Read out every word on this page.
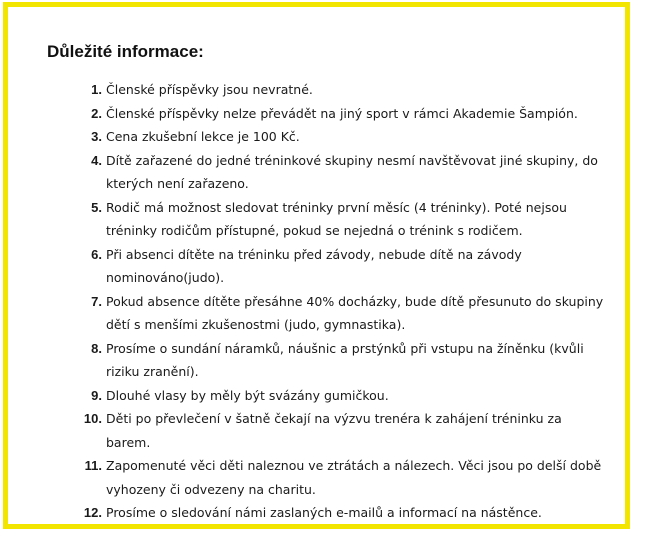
Důležité informace:
1. Členské příspěvky jsou nevratné.
2. Členské příspěvky nelze převádět na jiný sport v rámci Akademie Šampión.
3. Cena zkušební lekce je 100 Kč.
4. Dítě zařazené do jedné tréninkové skupiny nesmí navštěvovat jiné skupiny, do kterých není zařazeno.
5. Rodič má možnost sledovat tréninky první měsíc (4 tréninky). Poté nejsou tréninky rodičům přístupné, pokud se nejedná o trénink s rodičem.
6. Při absenci dítěte na tréninku před závody, nebude dítě na závody nominováno(judo).
7. Pokud absence dítěte přesáhne 40% docházky, bude dítě přesunuto do skupiny dětí s menšími zkušenostmi (judo, gymnastika).
8. Prosíme o sundání náramků, náušnic a prstýnků při vstupu na žíněnku (kvůli riziku zranění).
9. Dlouhé vlasy by měly být svázány gumičkou.
10. Děti po převlečení v šatně čekají na výzvu trenéra k zahájení tréninku za barem.
11. Zapomenuté věci děti naleznou ve ztrátách a nálezech. Věci jsou po delší době vyhozeny či odvezeny na charitu.
12. Prosíme o sledování námi zaslaných e-mailů a informací na nástěnce.
